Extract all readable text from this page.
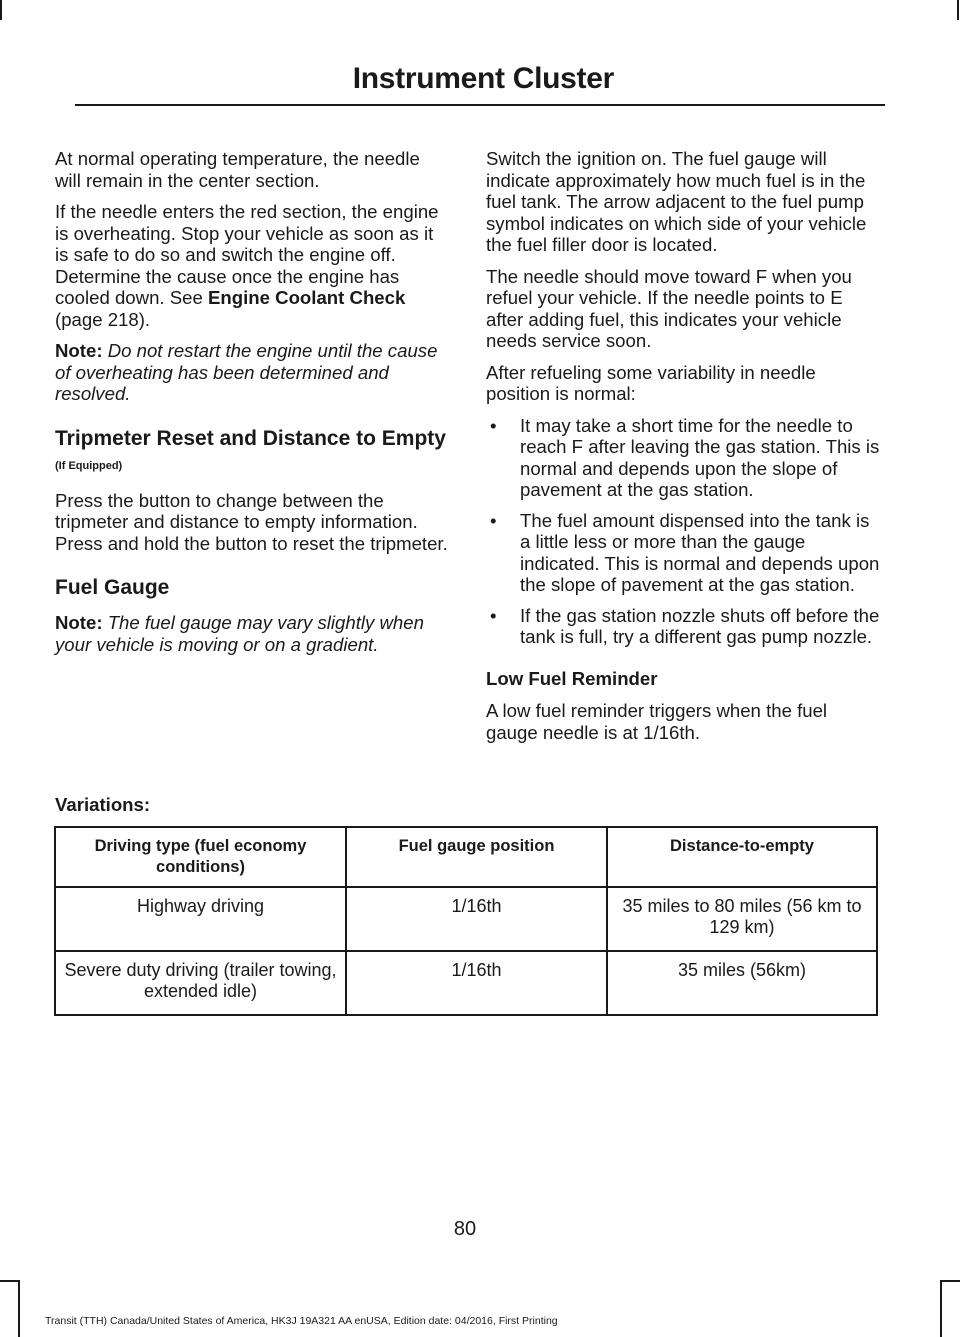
Instrument Cluster

At normal operating temperature, the needle will remain in the center section.

If the needle enters the red section, the engine is overheating. Stop your vehicle as soon as it is safe to do so and switch the engine off. Determine the cause once the engine has cooled down. See Engine Coolant Check (page 218).

Note: Do not restart the engine until the cause of overheating has been determined and resolved.

Tripmeter Reset and Distance to Empty (If Equipped)

Press the button to change between the tripmeter and distance to empty information. Press and hold the button to reset the tripmeter.

Fuel Gauge

Note: The fuel gauge may vary slightly when your vehicle is moving or on a gradient.

Switch the ignition on. The fuel gauge will indicate approximately how much fuel is in the fuel tank. The arrow adjacent to the fuel pump symbol indicates on which side of your vehicle the fuel filler door is located.

The needle should move toward F when you refuel your vehicle. If the needle points to E after adding fuel, this indicates your vehicle needs service soon.

After refueling some variability in needle position is normal:

• It may take a short time for the needle to reach F after leaving the gas station. This is normal and depends upon the slope of pavement at the gas station.
• The fuel amount dispensed into the tank is a little less or more than the gauge indicated. This is normal and depends upon the slope of pavement at the gas station.
• If the gas station nozzle shuts off before the tank is full, try a different gas pump nozzle.
Low Fuel Reminder

A low fuel reminder triggers when the fuel gauge needle is at 1/16th.

Variations:
Driving type (fuel economy conditions)	Fuel gauge position	Distance-to-empty
Highway driving	1/16th	35 miles to 80 miles (56 km to 129 km)
Severe duty driving (trailer towing, extended idle)	1/16th	35 miles (56km)
80
Transit (TTH) Canada/United States of America, HK3J 19A321 AA enUSA, Edition date: 04/2016, First Printing
